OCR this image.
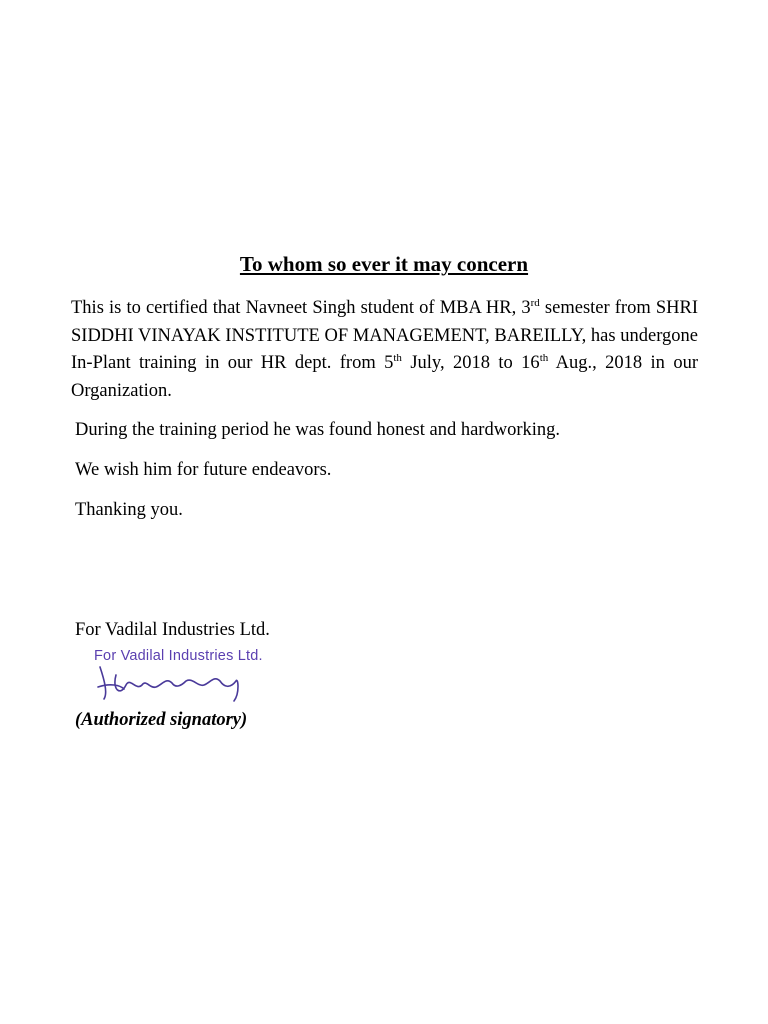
To whom so ever it may concern
This is to certified that Navneet Singh student of MBA HR, 3rd semester from SHRI SIDDHI VINAYAK INSTITUTE OF MANAGEMENT, BAREILLY, has undergone In-Plant training in our HR dept. from 5th July, 2018 to 16th Aug., 2018 in our Organization.
During the training period he was found honest and hardworking.
We wish him for future endeavors.
Thanking you.
For Vadilal Industries Ltd.
For Vadilal Industries Ltd.
(Authorized signatory)
